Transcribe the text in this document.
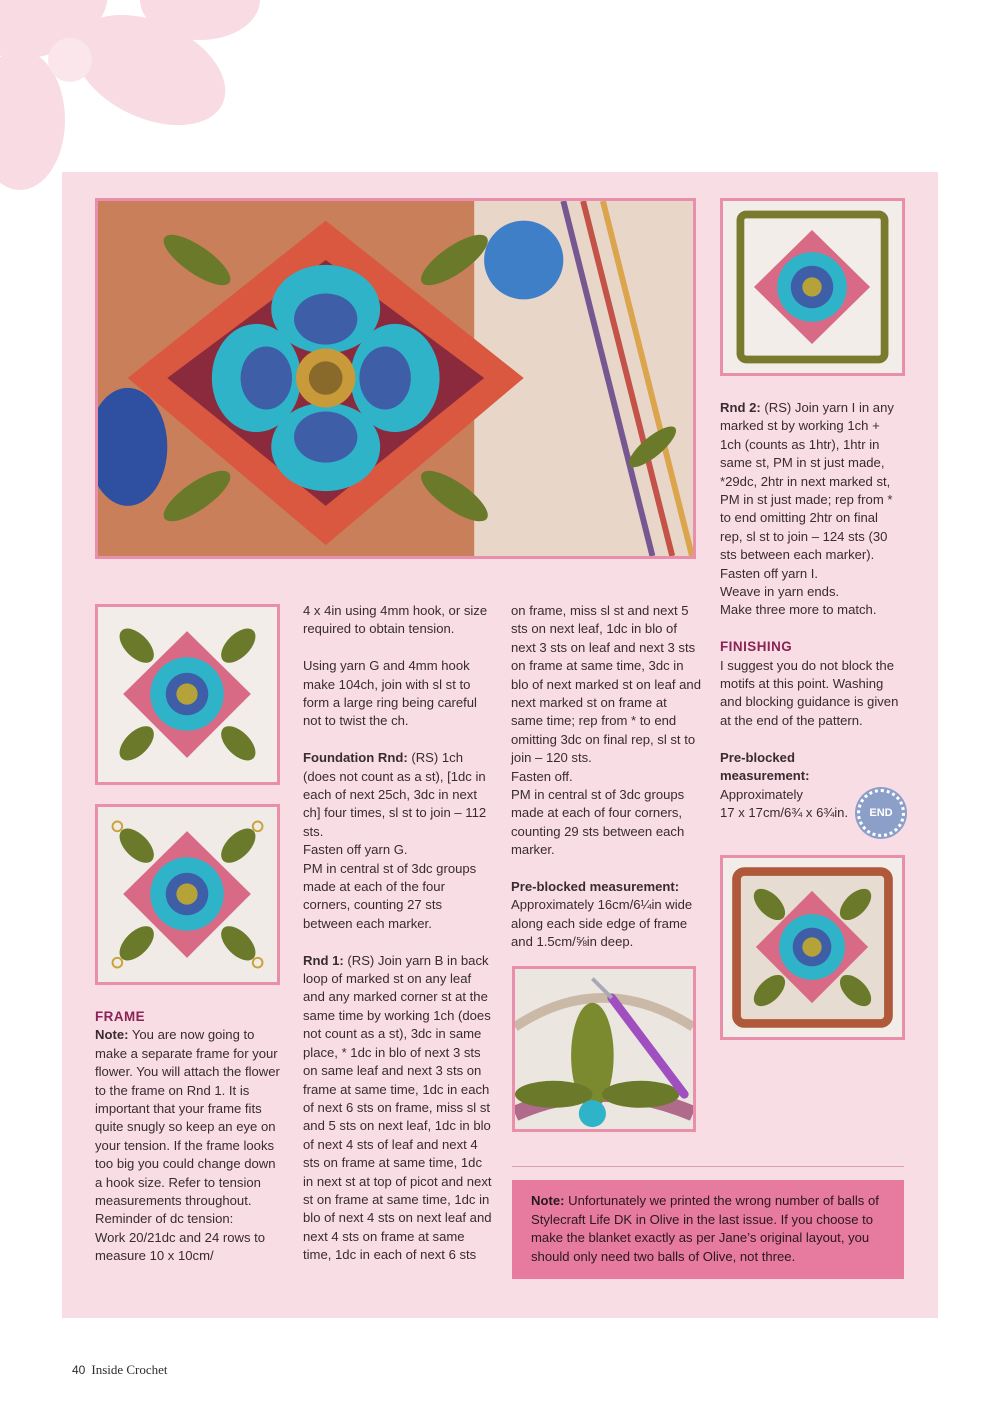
FRAME

Note: You are now going to make a separate frame for your flower. You will attach the flower to the frame on Rnd 1. It is important that your frame fits quite snugly so keep an eye on your tension. If the frame looks too big you could change down a hook size. Refer to tension measurements throughout.

Reminder of dc tension:

Work 20/21dc and 24 rows to measure 10 x 10cm/

4 x 4in using 4mm hook, or size required to obtain tension.

Using yarn G and 4mm hook make 104ch, join with sl st to form a large ring being careful not to twist the ch.

Foundation Rnd: (RS) 1ch (does not count as a st), [1dc in each of next 25ch, 3dc in next ch] four times, sl st to join – 112 sts.

Fasten off yarn G.

PM in central st of 3dc groups made at each of the four corners, counting 27 sts between each marker.

Rnd 1: (RS) Join yarn B in back loop of marked st on any leaf and any marked corner st at the same time by working 1ch (does not count as a st), 3dc in same place, * 1dc in blo of next 3 sts on same leaf and next 3 sts on frame at same time, 1dc in each of next 6 sts on frame, miss sl st and 5 sts on next leaf, 1dc in blo of next 4 sts of leaf and next 4 sts on frame at same time, 1dc in next st at top of picot and next st on frame at same time, 1dc in blo of next 4 sts on next leaf and next 4 sts on frame at same time, 1dc in each of next 6 sts

on frame, miss sl st and next 5 sts on next leaf, 1dc in blo of next 3 sts on leaf and next 3 sts on frame at same time, 3dc in blo of next marked st on leaf and next marked st on frame at same time; rep from * to end omitting 3dc on final rep, sl st to join – 120 sts.

Fasten off.

PM in central st of 3dc groups made at each of four corners, counting 29 sts between each marker.

Pre-blocked measurement:

Approximately 16cm/6¼in wide along each side edge of frame and 1.5cm/⅝in deep.

Rnd 2: (RS) Join yarn I in any marked st by working 1ch + 1ch (counts as 1htr), 1htr in same st, PM in st just made, *29dc, 2htr in next marked st, PM in st just made; rep from * to end omitting 2htr on final rep, sl st to join – 124 sts (30 sts between each marker).

Fasten off yarn I.

Weave in yarn ends.

Make three more to match.

FINISHING

I suggest you do not block the motifs at this point. Washing and blocking guidance is given at the end of the pattern.

Pre-blocked measurement:

Approximately

17 x 17cm/6¾ x 6¾in.	END
Note: Unfortunately we printed the wrong number of balls of Stylecraft Life DK in Olive in the last issue. If you choose to make the blanket exactly as per Jane’s original layout, you should only need two balls of Olive, not three.
40 Inside Crochet
